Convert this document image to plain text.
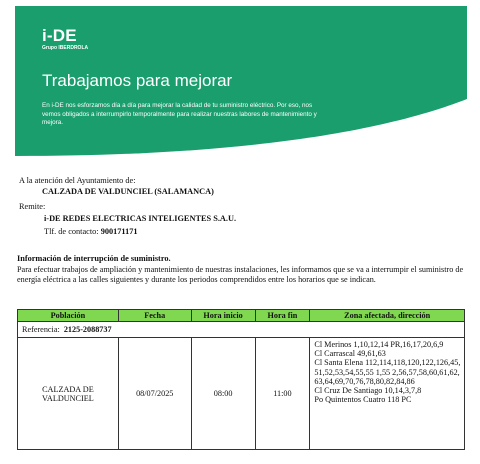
i-DE
Grupo IBERDROLA
Trabajamos para mejorar
En i-DE nos esforzamos día a día para mejorar la calidad de tu suministro eléctrico. Por eso, nos vemos obligados a interrumpirlo temporalmente para realizar nuestras labores de mantenimiento y mejora.
A la atención del Ayuntamiento de:
CALZADA DE VALDUNCIEL (SALAMANCA)
Remite:
i-DE REDES ELECTRICAS INTELIGENTES S.A.U.
Tlf. de contacto: 900171171
Información de interrupción de suministro.
Para efectuar trabajos de ampliación y mantenimiento de nuestras instalaciones, les informamos que se va a interrumpir el suministro de energía eléctrica a las calles siguientes y durante los periodos comprendidos entre los horarios que se indican.
Población	Fecha	Hora inicio	Hora fin	Zona afectada, dirección
Referencia: 2125-2088737				
CALZADA DE VALDUNCIEL	08/07/2025	08:00	11:00	Cl Merinos 1,10,12,14 PR,16,17,20,6,9
Cl Carrascal 49,61,63
Cl Santa Elena 112,114,118,120,122,126,45,51,52,53,54,55,55 1,55 2,56,57,58,60,61,62,63,64,69,70,76,78,80,82,84,86
Cl Cruz De Santiago 10,14,3,7,8
Po Quintentos Cuatro 118 PC
